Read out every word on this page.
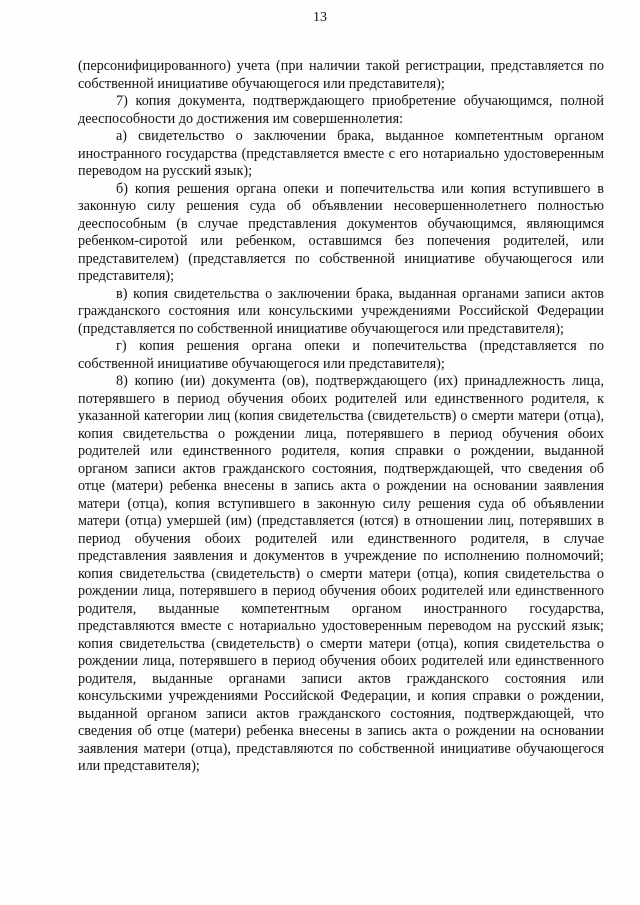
13

(персонифицированного) учета (при наличии такой регистрации, представляется по собственной инициативе обучающегося или представителя);

7) копия документа, подтверждающего приобретение обучающимся, полной дееспособности до достижения им совершеннолетия:

а) свидетельство о заключении брака, выданное компетентным органом иностранного государства (представляется вместе с его нотариально удостоверенным переводом на русский язык);

б) копия решения органа опеки и попечительства или копия вступившего в законную силу решения суда об объявлении несовершеннолетнего полностью дееспособным (в случае представления документов обучающимся, являющимся ребенком-сиротой или ребенком, оставшимся без попечения родителей, или представителем) (представляется по собственной инициативе обучающегося или представителя);

в) копия свидетельства о заключении брака, выданная органами записи актов гражданского состояния или консульскими учреждениями Российской Федерации (представляется по собственной инициативе обучающегося или представителя);

г) копия решения органа опеки и попечительства (представляется по собственной инициативе обучающегося или представителя);

8) копию (ии) документа (ов), подтверждающего (их) принадлежность лица, потерявшего в период обучения обоих родителей или единственного родителя, к указанной категории лиц (копия свидетельства (свидетельств) о смерти матери (отца), копия свидетельства о рождении лица, потерявшего в период обучения обоих родителей или единственного родителя, копия справки о рождении, выданной органом записи актов гражданского состояния, подтверждающей, что сведения об отце (матери) ребенка внесены в запись акта о рождении на основании заявления матери (отца), копия вступившего в законную силу решения суда об объявлении матери (отца) умершей (им) (представляется (ются) в отношении лиц, потерявших в период обучения обоих родителей или единственного родителя, в случае представления заявления и документов в учреждение по исполнению полномочий; копия свидетельства (свидетельств) о смерти матери (отца), копия свидетельства о рождении лица, потерявшего в период обучения обоих родителей или единственного родителя, выданные компетентным органом иностранного государства, представляются вместе с нотариально удостоверенным переводом на русский язык; копия свидетельства (свидетельств) о смерти матери (отца), копия свидетельства о рождении лица, потерявшего в период обучения обоих родителей или единственного родителя, выданные органами записи актов гражданского состояния или консульскими учреждениями Российской Федерации, и копия справки о рождении, выданной органом записи актов гражданского состояния, подтверждающей, что сведения об отце (матери) ребенка внесены в запись акта о рождении на основании заявления матери (отца), представляются по собственной инициативе обучающегося или представителя);
